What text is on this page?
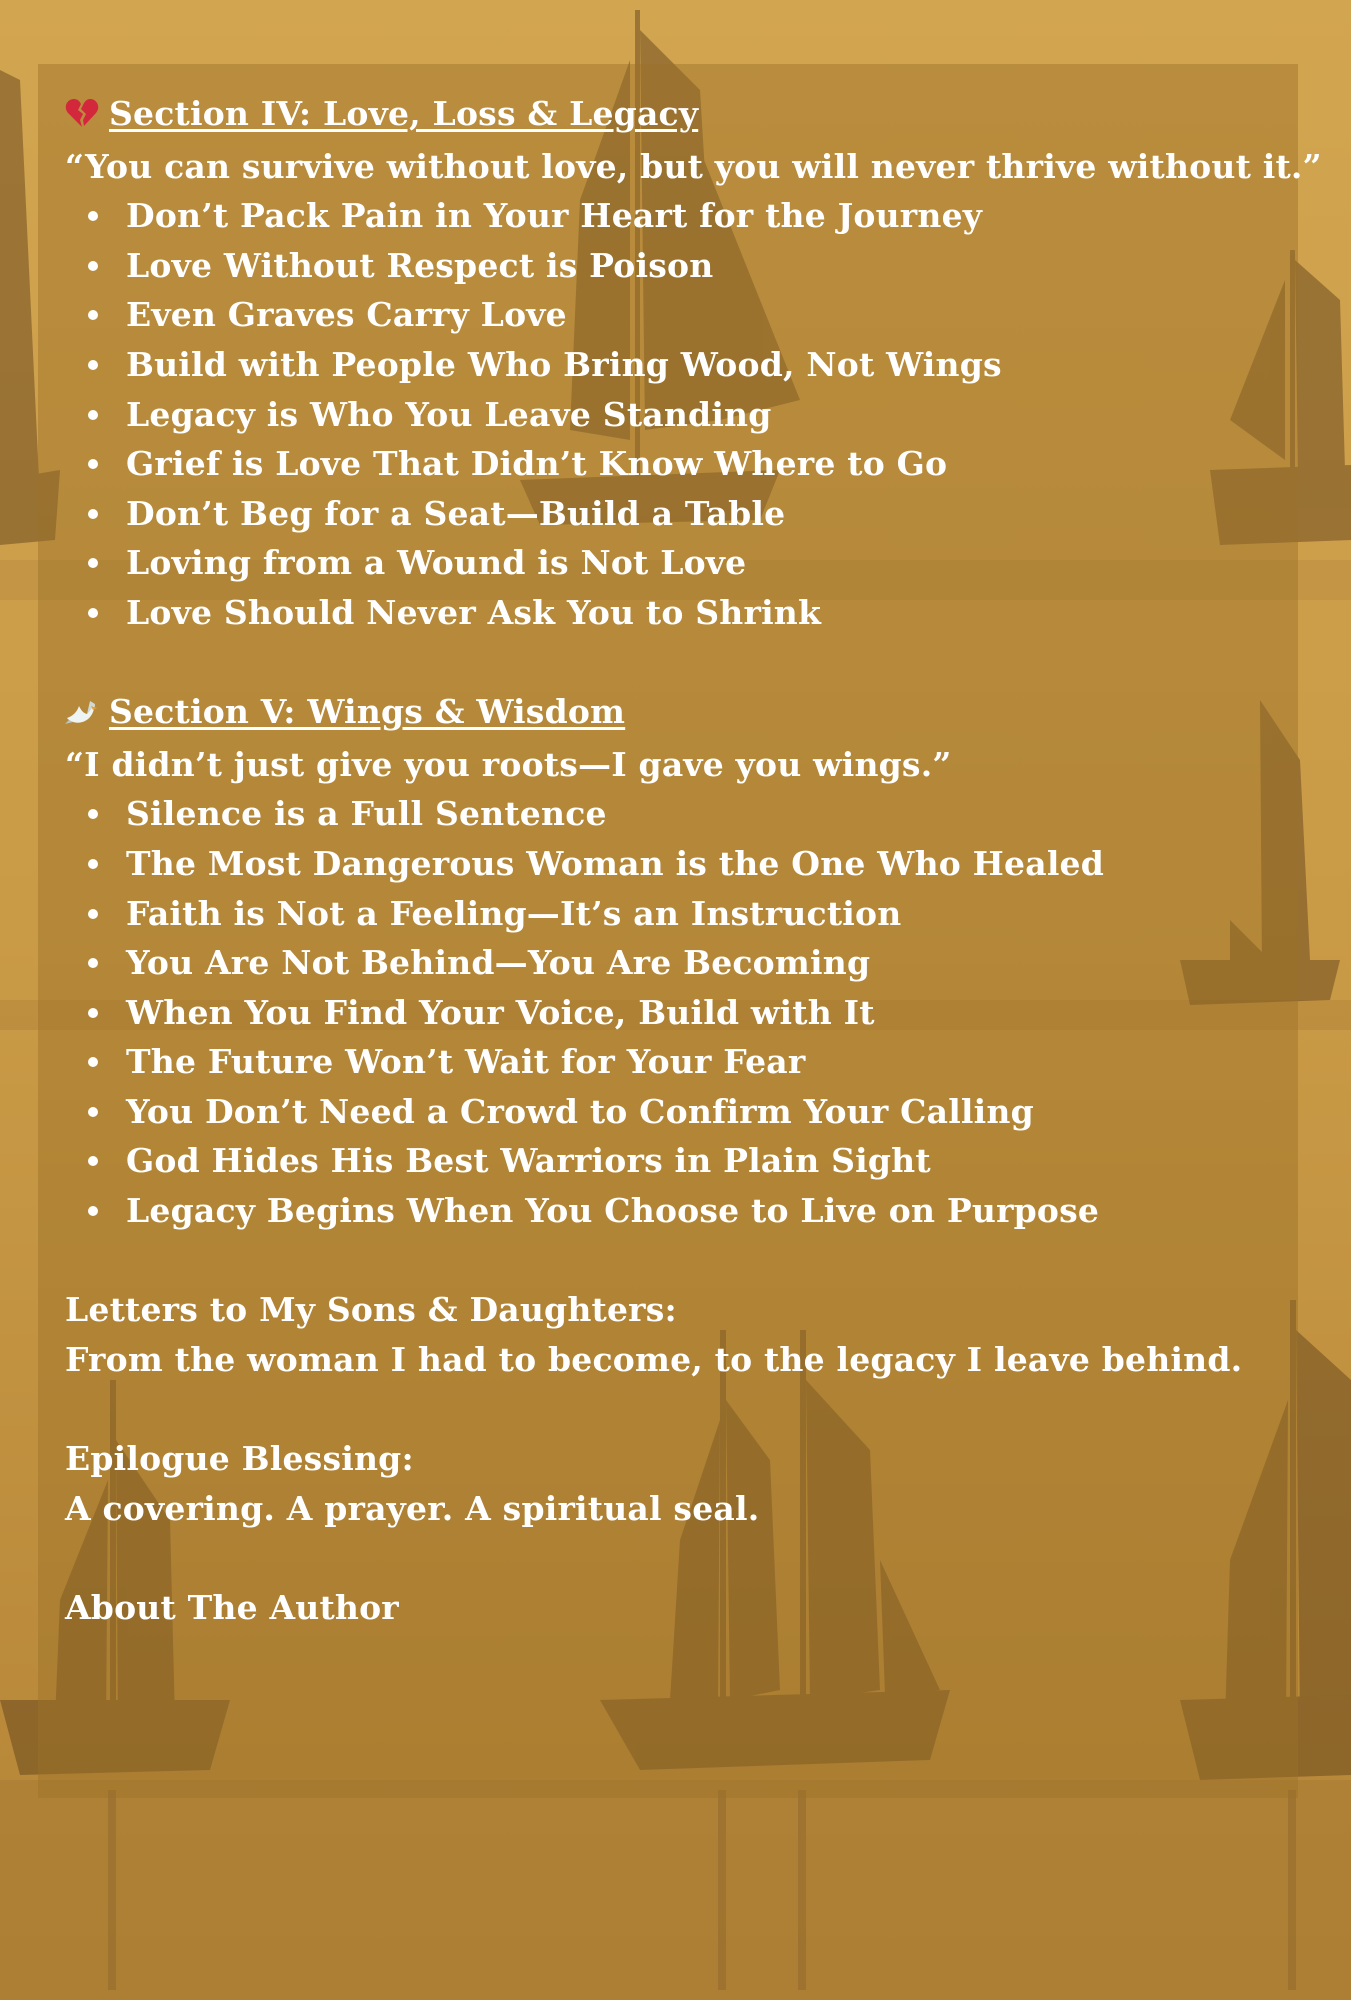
Section IV: Love, Loss & Legacy
“You can survive without love, but you will never thrive without it.”
Don’t Pack Pain in Your Heart for the Journey
Love Without Respect is Poison
Even Graves Carry Love
Build with People Who Bring Wood, Not Wings
Legacy is Who You Leave Standing
Grief is Love That Didn’t Know Where to Go
Don’t Beg for a Seat—Build a Table
Loving from a Wound is Not Love
Love Should Never Ask You to Shrink
Section V: Wings & Wisdom
“I didn’t just give you roots—I gave you wings.”
Silence is a Full Sentence
The Most Dangerous Woman is the One Who Healed
Faith is Not a Feeling—It’s an Instruction
You Are Not Behind—You Are Becoming
When You Find Your Voice, Build with It
The Future Won’t Wait for Your Fear
You Don’t Need a Crowd to Confirm Your Calling
God Hides His Best Warriors in Plain Sight
Legacy Begins When You Choose to Live on Purpose
Letters to My Sons & Daughters:
From the woman I had to become, to the legacy I leave behind.
Epilogue Blessing:
A covering. A prayer. A spiritual seal.
About The Author
